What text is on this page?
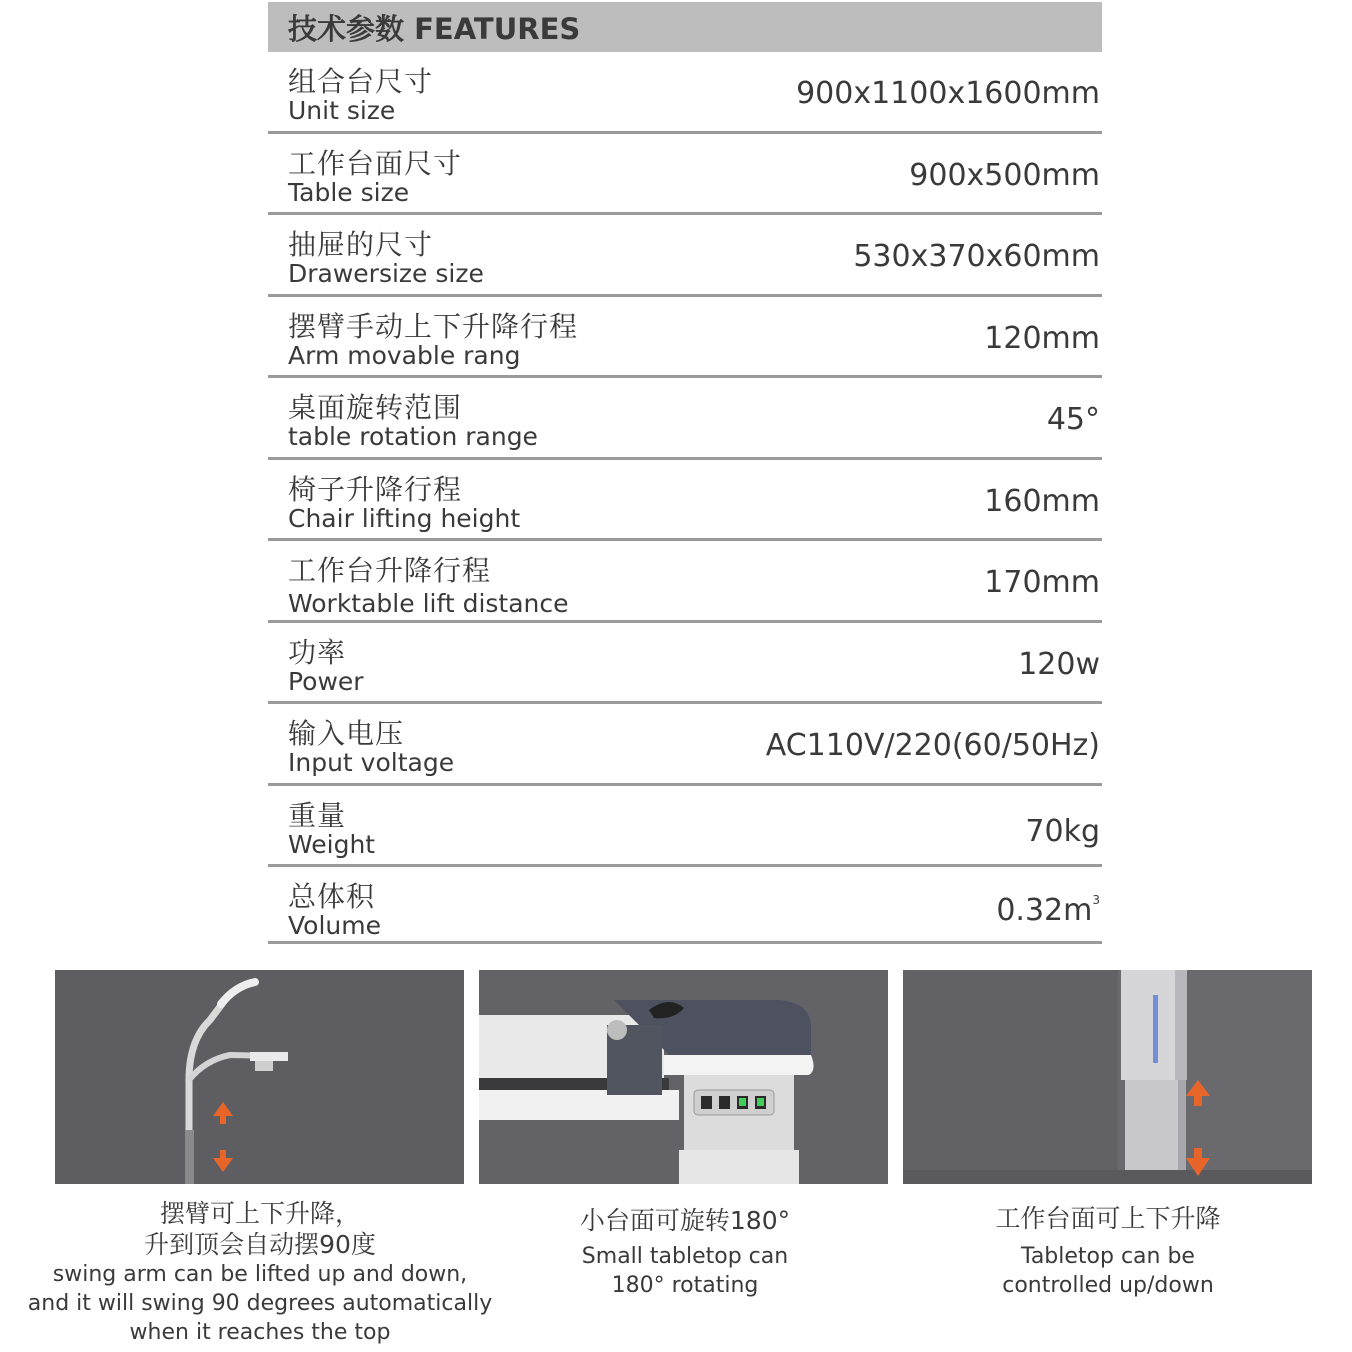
技术参数 FEATURES
组合台尺寸
Unit size	900x1100x1600mm
工作台面尺寸
Table size	900x500mm
抽屉的尺寸
Drawersize size	530x370x60mm
摆臂手动上下升降行程
Arm movable rang	120mm
桌面旋转范围
table rotation range	45°
椅子升降行程
Chair lifting height	160mm
工作台升降行程
Worktable lift distance
170mm
功率
Power	120w
输入电压
Input voltage	AC110V/220(60/50Hz)
重量
Weight	70kg
总体积
Volume	$0.32m^3$
摆臂可上下升降，
升到顶会自动摆90度
swing arm can be lifted up and down,
and it will swing 90 degrees automatically
when it reaches the top
小台面可旋转180°
Small tabletop can
180° rotating
工作台面可上下升降
Tabletop can be
controlled up/down
